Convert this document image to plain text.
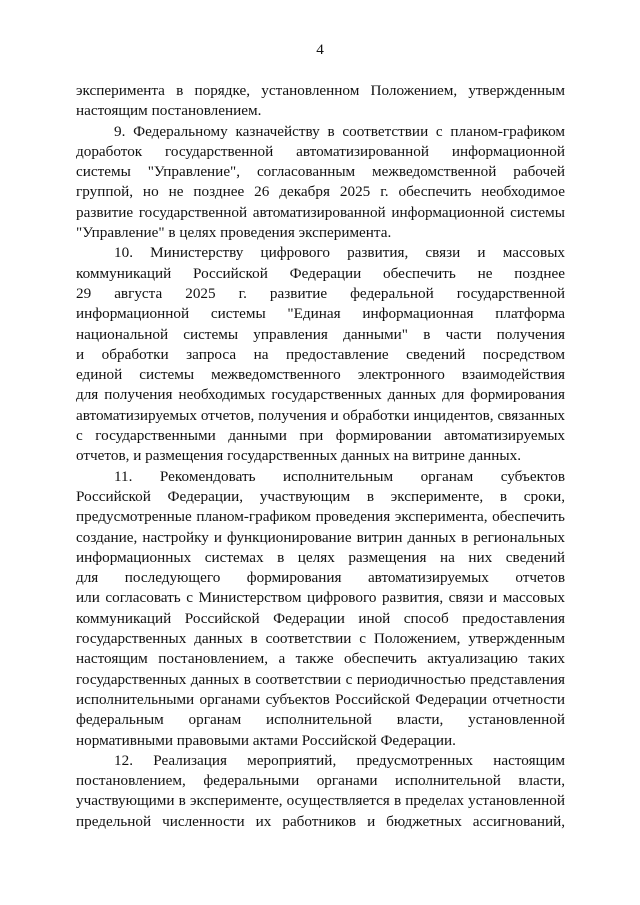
4
эксперимента в порядке, установленном Положением, утвержденным
настоящим постановлением.
9. Федеральному казначейству в соответствии с планом-графиком
доработок государственной автоматизированной информационной
системы "Управление", согласованным межведомственной рабочей
группой, но не позднее 26 декабря 2025 г. обеспечить необходимое
развитие государственной автоматизированной информационной системы
"Управление" в целях проведения эксперимента.
10. Министерству цифрового развития, связи и массовых
коммуникаций Российской Федерации обеспечить не позднее
29 августа 2025 г. развитие федеральной государственной
информационной системы "Единая информационная платформа
национальной системы управления данными" в части получения
и обработки запроса на предоставление сведений посредством
единой системы межведомственного электронного взаимодействия
для получения необходимых государственных данных для формирования
автоматизируемых отчетов, получения и обработки инцидентов, связанных
с государственными данными при формировании автоматизируемых
отчетов, и размещения государственных данных на витрине данных.
11. Рекомендовать исполнительным органам субъектов
Российской Федерации, участвующим в эксперименте, в сроки,
предусмотренные планом-графиком проведения эксперимента, обеспечить
создание, настройку и функционирование витрин данных в региональных
информационных системах в целях размещения на них сведений
для последующего формирования автоматизируемых отчетов
или согласовать с Министерством цифрового развития, связи и массовых
коммуникаций Российской Федерации иной способ предоставления
государственных данных в соответствии с Положением, утвержденным
настоящим постановлением, а также обеспечить актуализацию таких
государственных данных в соответствии с периодичностью представления
исполнительными органами субъектов Российской Федерации отчетности
федеральным органам исполнительной власти, установленной
нормативными правовыми актами Российской Федерации.
12. Реализация мероприятий, предусмотренных настоящим
постановлением, федеральными органами исполнительной власти,
участвующими в эксперименте, осуществляется в пределах установленной
предельной численности их работников и бюджетных ассигнований,
